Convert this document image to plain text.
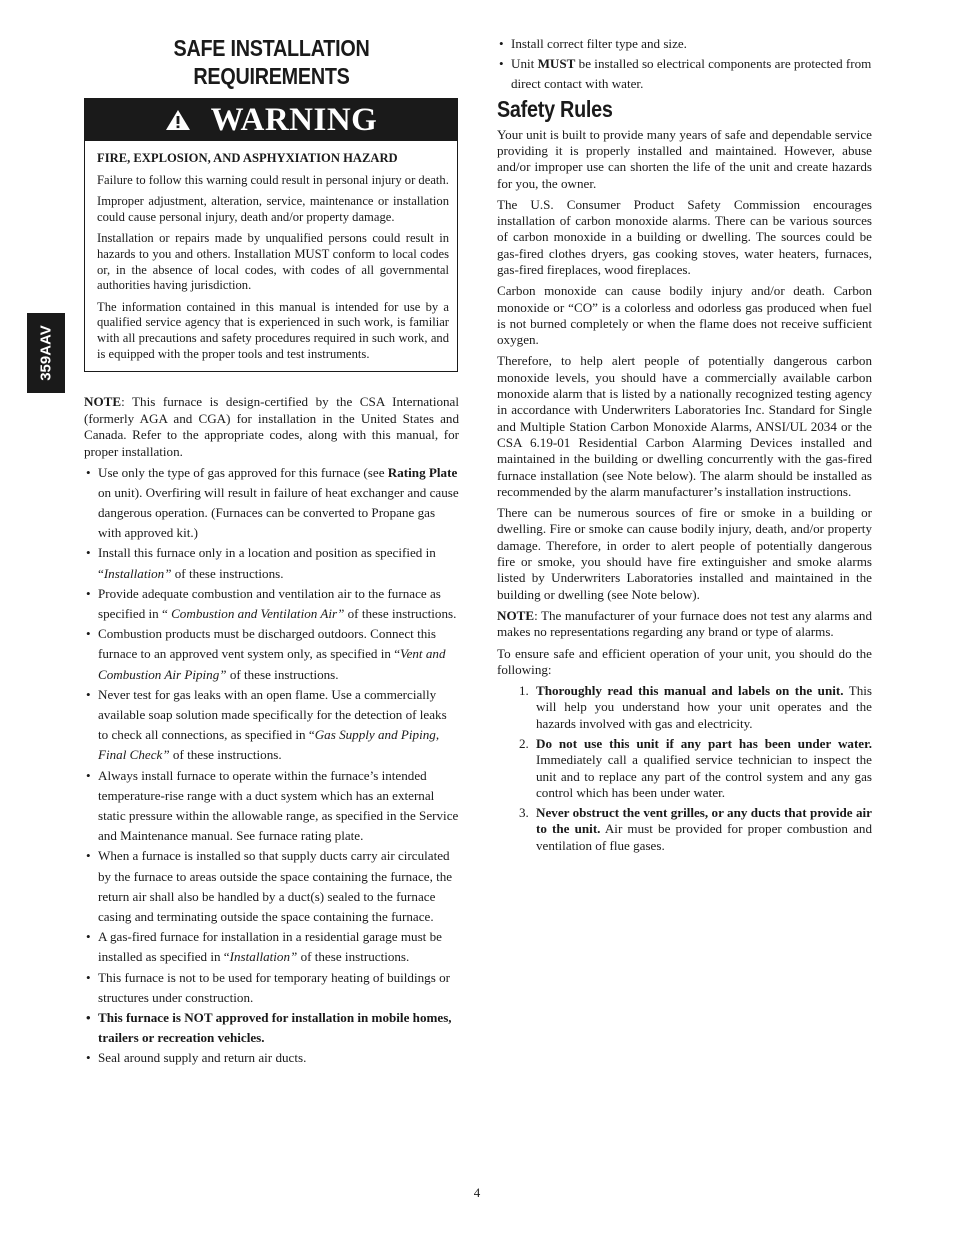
359AAV
SAFE INSTALLATION
REQUIREMENTS
WARNING

FIRE, EXPLOSION, AND ASPHYXIATION HAZARD

Failure to follow this warning could result in personal injury or death.

Improper adjustment, alteration, service, maintenance or installation could cause personal injury, death and/or property damage.

Installation or repairs made by unqualified persons could result in hazards to you and others. Installation MUST conform to local codes or, in the absence of local codes, with codes of all governmental authorities having jurisdiction.

The information contained in this manual is intended for use by a qualified service agency that is experienced in such work, is familiar with all precautions and safety procedures required in such work, and is equipped with the proper tools and test instruments.

NOTE: This furnace is design-certified by the CSA International (formerly AGA and CGA) for installation in the United States and Canada. Refer to the appropriate codes, along with this manual, for proper installation.

• Use only the type of gas approved for this furnace (see Rating Plate on unit). Overfiring will result in failure of heat exchanger and cause dangerous operation. (Furnaces can be converted to Propane gas with approved kit.)
• Install this furnace only in a location and position as specified in “Installation” of these instructions.
• Provide adequate combustion and ventilation air to the furnace as specified in “ Combustion and Ventilation Air” of these instructions.
• Combustion products must be discharged outdoors. Connect this furnace to an approved vent system only, as specified in “Vent and Combustion Air Piping” of these instructions.
• Never test for gas leaks with an open flame. Use a commercially available soap solution made specifically for the detection of leaks to check all connections, as specified in “Gas Supply and Piping, Final Check” of these instructions.
• Always install furnace to operate within the furnace’s intended temperature-rise range with a duct system which has an external static pressure within the allowable range, as specified in the Service and Maintenance manual. See furnace rating plate.
• When a furnace is installed so that supply ducts carry air circulated by the furnace to areas outside the space containing the furnace, the return air shall also be handled by a duct(s) sealed to the furnace casing and terminating outside the space containing the furnace.
• A gas-fired furnace for installation in a residential garage must be installed as specified in “Installation” of these instructions.
• This furnace is not to be used for temporary heating of buildings or structures under construction.
• This furnace is NOT approved for installation in mobile homes, trailers or recreation vehicles.
• Seal around supply and return air ducts.
• Install correct filter type and size.
• Unit MUST be installed so electrical components are protected from direct contact with water.
Safety Rules

Your unit is built to provide many years of safe and dependable service providing it is properly installed and maintained. However, abuse and/or improper use can shorten the life of the unit and create hazards for you, the owner.

The U.S. Consumer Product Safety Commission encourages installation of carbon monoxide alarms. There can be various sources of carbon monoxide in a building or dwelling. The sources could be gas-fired clothes dryers, gas cooking stoves, water heaters, furnaces, gas-fired fireplaces, wood fireplaces.

Carbon monoxide can cause bodily injury and/or death. Carbon monoxide or “CO” is a colorless and odorless gas produced when fuel is not burned completely or when the flame does not receive sufficient oxygen.

Therefore, to help alert people of potentially dangerous carbon monoxide levels, you should have a commercially available carbon monoxide alarm that is listed by a nationally recognized testing agency in accordance with Underwriters Laboratories Inc. Standard for Single and Multiple Station Carbon Monoxide Alarms, ANSI/UL 2034 or the CSA 6.19-01 Residential Carbon Alarming Devices installed and maintained in the building or dwelling concurrently with the gas-fired furnace installation (see Note below). The alarm should be installed as recommended by the alarm manufacturer’s installation instructions.

There can be numerous sources of fire or smoke in a building or dwelling. Fire or smoke can cause bodily injury, death, and/or property damage. Therefore, in order to alert people of potentially dangerous fire or smoke, you should have fire extinguisher and smoke alarms listed by Underwriters Laboratories installed and maintained in the building or dwelling (see Note below).

NOTE: The manufacturer of your furnace does not test any alarms and makes no representations regarding any brand or type of alarms.

To ensure safe and efficient operation of your unit, you should do the following:

1. Thoroughly read this manual and labels on the unit. This will help you understand how your unit operates and the hazards involved with gas and electricity.
2. Do not use this unit if any part has been under water. Immediately call a qualified service technician to inspect the unit and to replace any part of the control system and any gas control which has been under water.
3. Never obstruct the vent grilles, or any ducts that provide air to the unit. Air must be provided for proper combustion and ventilation of flue gases.
4
